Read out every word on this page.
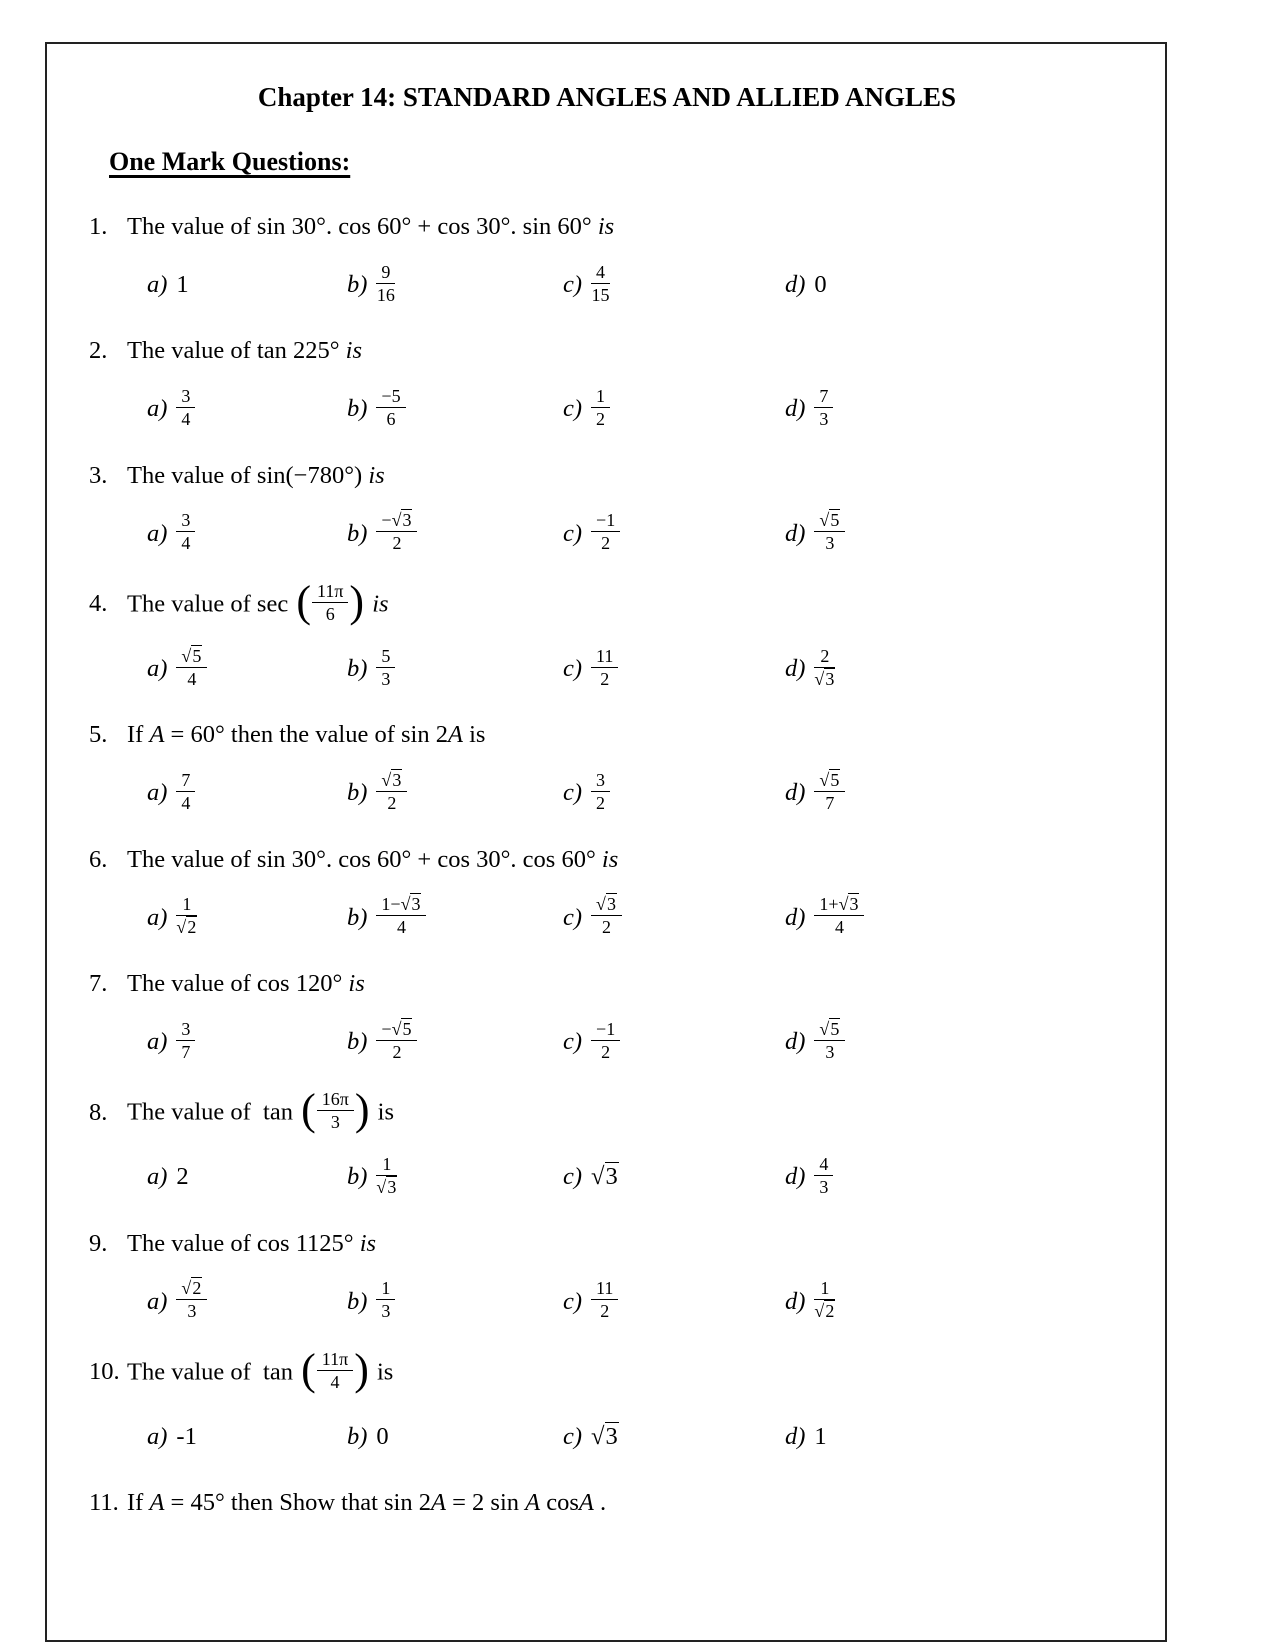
Chapter 14: STANDARD ANGLES AND ALLIED ANGLES
One Mark Questions:
1. The value of sin 30°. cos 60° + cos 30°. sin 60° is
a) 1	$b) \frac{9}{16}$	$c) \frac{4}{15}$	d) 0
2. The value of tan 225° is
$a) \frac{3}{4}$	$b) \frac{-5}{6}$	$c) \frac{1}{2}$	$d) \frac{7}{3}$
3. The value of sin(−780°) is
$a) \frac{3}{4}$	$b) \frac{-√3}{2}$	$c) \frac{-1}{2}$	$d) \frac{√5}{3}$
4. The value of sec ( $\frac{11\pi}{6}$ ) is
$a) \frac{√5}{4}$	$b) \frac{5}{3}$	$c) \frac{11}{2}$	$d) \frac{2}{√3}$
5. If A = 60° then the value of sin 2A is
$a) \frac{7}{4}$	$b) \frac{√3}{2}$	$c) \frac{3}{2}$	$d) \frac{√5}{7}$
6. The value of sin 30°. cos 60° + cos 30°. cos 60° is
$a) \frac{1}{√2}$	$b) \frac{1-√3}{4}$	$c) \frac{√3}{2}$	$d) \frac{1+√3}{4}$
7. The value of cos 120° is
$a) \frac{3}{7}$	$b) \frac{-√5}{2}$	$c) \frac{-1}{2}$	$d) \frac{√5}{3}$
8. The value of  tan ( $\frac{16\pi}{3}$ ) is
a) 2	$b) \frac{1}{√3}$	c) √3	$d) \frac{4}{3}$
9. The value of cos 1125° is
$a) \frac{√2}{3}$	$b) \frac{1}{3}$	$c) \frac{11}{2}$	$d) \frac{1}{√2}$
10. The value of  tan ( $\frac{11\pi}{4}$ ) is
a) -1	b) 0	c) √3	d) 1
11. If A = 45° then Show that sin 2A = 2 sin A cosA .
